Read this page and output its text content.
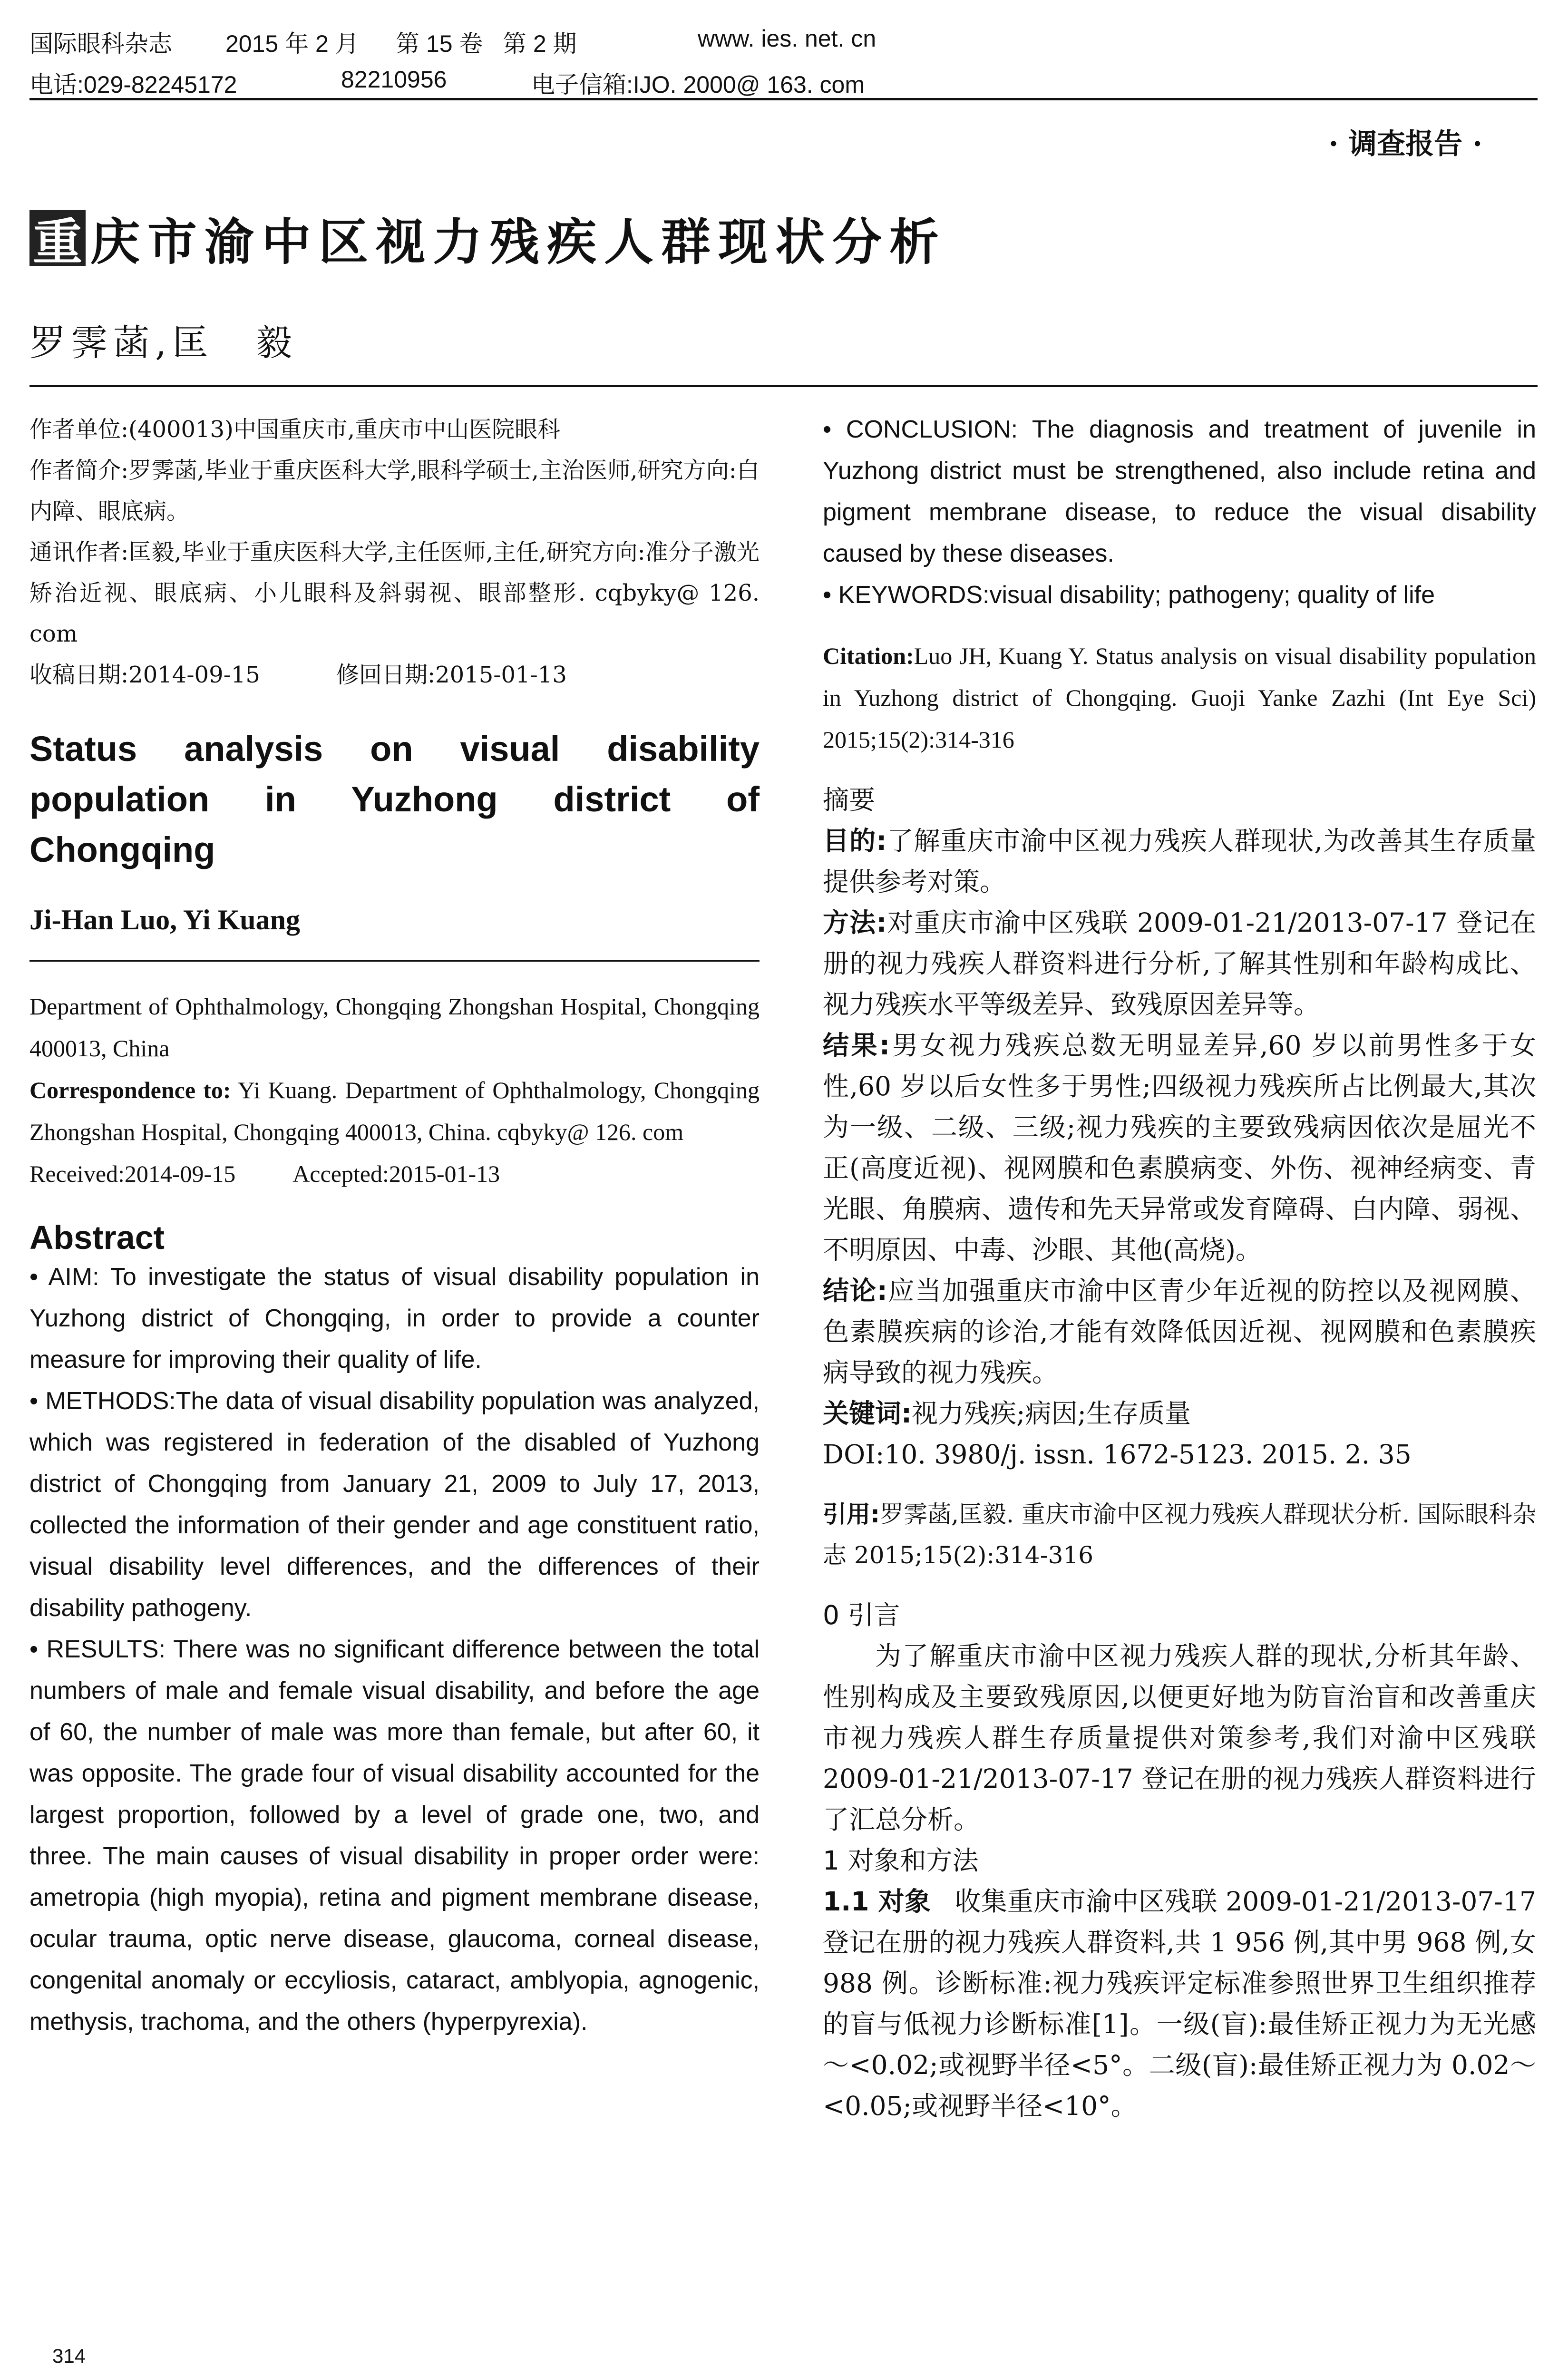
国际眼科杂志 2015 年 2 月 第 15 卷 第 2 期	www. ies. net. cn
电话:029-82245172	82210956	电子信箱:IJO. 2000@ 163. com
· 调查报告 ·
重 庆市渝中区视力残疾人群现状分析
罗霁菡,匡　毅

作者单位:(400013)中国重庆市,重庆市中山医院眼科

作者简介:罗霁菡,毕业于重庆医科大学,眼科学硕士,主治医师,研究方向:白内障、眼底病。

通讯作者:匡毅,毕业于重庆医科大学,主任医师,主任,研究方向:准分子激光矫治近视、眼底病、小儿眼科及斜弱视、眼部整形. cqbyky@ 126. com

收稿日期:2014-09-15	修回日期:2015-01-13

Status analysis on visual disability population in Yuzhong district of Chongqing

Ji-Han Luo, Yi Kuang

Department of Ophthalmology, Chongqing Zhongshan Hospital, Chongqing 400013, China

Correspondence to: Yi Kuang. Department of Ophthalmology, Chongqing Zhongshan Hospital, Chongqing 400013, China. cqbyky@ 126. com

Received:2014-09-15 Accepted:2015-01-13

Abstract

• AIM: To investigate the status of visual disability population in Yuzhong district of Chongqing, in order to provide a counter measure for improving their quality of life.

• METHODS:The data of visual disability population was analyzed, which was registered in federation of the disabled of Yuzhong district of Chongqing from January 21, 2009 to July 17, 2013, collected the information of their gender and age constituent ratio, visual disability level differences, and the differences of their disability pathogeny.

• RESULTS: There was no significant difference between the total numbers of male and female visual disability, and before the age of 60, the number of male was more than female, but after 60, it was opposite. The grade four of visual disability accounted for the largest proportion, followed by a level of grade one, two, and three. The main causes of visual disability in proper order were: ametropia (high myopia), retina and pigment membrane disease, ocular trauma, optic nerve disease, glaucoma, corneal disease, congenital anomaly or eccyliosis, cataract, amblyopia, agnogenic, methysis, trachoma, and the others (hyperpyrexia).

• CONCLUSION: The diagnosis and treatment of juvenile in Yuzhong district must be strengthened, also include retina and pigment membrane disease, to reduce the visual disability caused by these diseases.

• KEYWORDS:visual disability; pathogeny; quality of life

Citation:Luo JH, Kuang Y. Status analysis on visual disability population in Yuzhong district of Chongqing. Guoji Yanke Zazhi (Int Eye Sci) 2015;15(2):314-316

摘要

目的:了解重庆市渝中区视力残疾人群现状,为改善其生存质量提供参考对策。

方法:对重庆市渝中区残联 2009-01-21/2013-07-17 登记在册的视力残疾人群资料进行分析,了解其性别和年龄构成比、视力残疾水平等级差异、致残原因差异等。

结果:男女视力残疾总数无明显差异,60 岁以前男性多于女性,60 岁以后女性多于男性;四级视力残疾所占比例最大,其次为一级、二级、三级;视力残疾的主要致残病因依次是屈光不正(高度近视)、视网膜和色素膜病变、外伤、视神经病变、青光眼、角膜病、遗传和先天异常或发育障碍、白内障、弱视、不明原因、中毒、沙眼、其他(高烧)。

结论:应当加强重庆市渝中区青少年近视的防控以及视网膜、色素膜疾病的诊治,才能有效降低因近视、视网膜和色素膜疾病导致的视力残疾。

关键词:视力残疾;病因;生存质量

DOI:10. 3980/j. issn. 1672-5123. 2015. 2. 35

引用:罗霁菡,匡毅. 重庆市渝中区视力残疾人群现状分析. 国际眼科杂志 2015;15(2):314-316

0 引言

为了解重庆市渝中区视力残疾人群的现状,分析其年龄、性别构成及主要致残原因,以便更好地为防盲治盲和改善重庆市视力残疾人群生存质量提供对策参考,我们对渝中区残联 2009-01-21/2013-07-17 登记在册的视力残疾人群资料进行了汇总分析。

1 对象和方法

1.1 对象 收集重庆市渝中区残联 2009-01-21/2013-07-17 登记在册的视力残疾人群资料,共 1 956 例,其中男 968 例,女 988 例。诊断标准:视力残疾评定标准参照世界卫生组织推荐的盲与低视力诊断标准[1]。一级(盲):最佳矫正视力为无光感～<0.02;或视野半径<5°。二级(盲):最佳矫正视力为 0.02～<0.05;或视野半径<10°。

314
